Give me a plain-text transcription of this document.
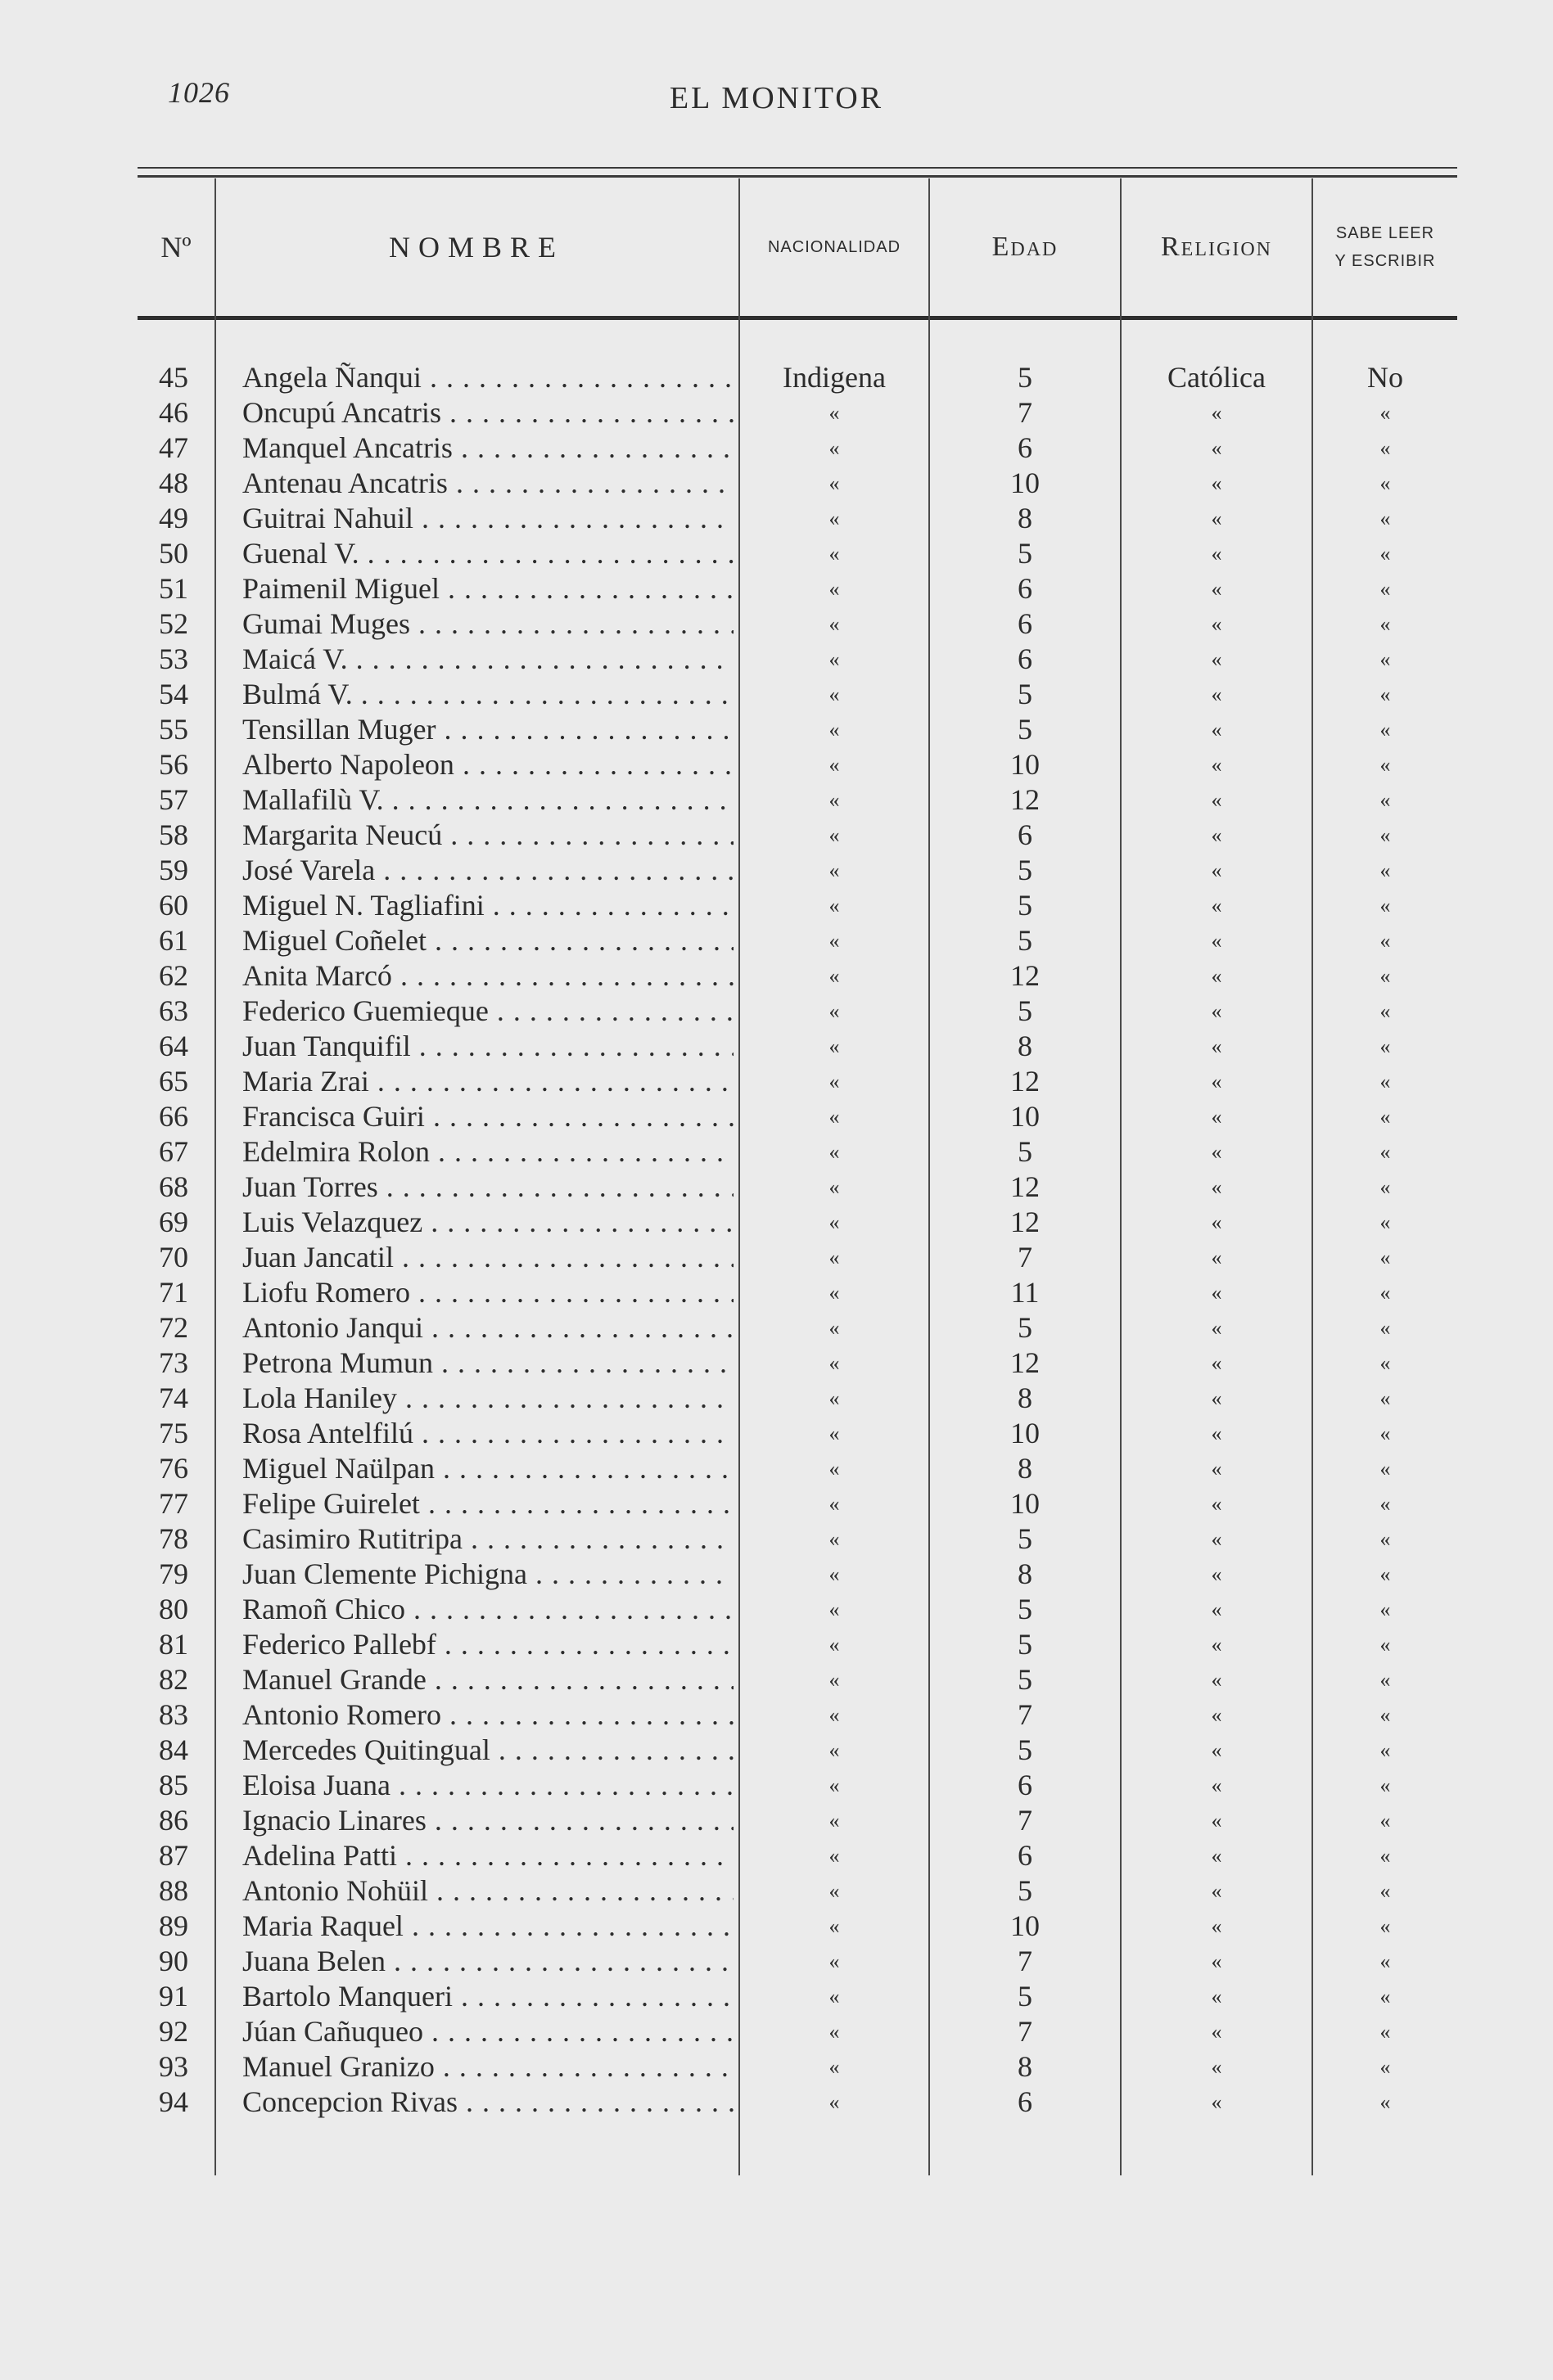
1026	EL MONITOR
Nº	NOMBRE	NACIONALIDAD	Edad	Religion	SABE LEER
Y ESCRIBIR
45 Angela Ñanqui . . .	Indigena	5	Católica	No
46 Oncupú Ancatris . . .	«	7	«	«
47 Manquel Ancatris . . .	«	6	«	«
48 Antenau Ancatris . . .	«	10	«	«
49 Guitrai Nahuil . . .	«	8	«	«
50 Guenal V. . . .	«	5	«	«
51 Paimenil Miguel . . .	«	6	«	«
52 Gumai Muges . . .	«	6	«	«
53 Maicá V. . . .	«	6	«	«
54 Bulmá V. . . .	«	5	«	«
55 Tensillan Muger . . .	«	5	«	«
56 Alberto Napoleon . . .	«	10	«	«
57 Mallafilù V. . . .	«	12	«	«
58 Margarita Neucú . . .	«	6	«	«
59 José Varela . . .	«	5	«	«
60 Miguel N. Tagliafini . . .	«	5	«	«
61 Miguel Coñelet . . .	«	5	«	«
62 Anita Marcó . . .	«	12	«	«
63 Federico Guemieque . . .	«	5	«	«
64 Juan Tanquifil . . .	«	8	«	«
65 Maria Zrai . . .	«	12	«	«
66 Francisca Guiri . . .	«	10	«	«
67 Edelmira Rolon . . .	«	5	«	«
68 Juan Torres . . .	«	12	«	«
69 Luis Velazquez . . .	«	12	«	«
70 Juan Jancatil . . .	«	7	«	«
71 Liofu Romero . . .	«	11	«	«
72 Antonio Janqui . . .	«	5	«	«
73 Petrona Mumun . . .	«	12	«	«
74 Lola Haniley . . .	«	8	«	«
75 Rosa Antelfilú . . .	«	10	«	«
76 Miguel Naülpan . . .	«	8	«	«
77 Felipe Guirelet . . .	«	10	«	«
78 Casimiro Rutitripa . . .	«	5	«	«
79 Juan Clemente Pichigna . . .	«	8	«	«
80 Ramoñ Chico . . .	«	5	«	«
81 Federico Pallebf . . .	«	5	«	«
82 Manuel Grande . . .	«	5	«	«
83 Antonio Romero . . .	«	7	«	«
84 Mercedes Quitingual . . .	«	5	«	«
85 Eloisa Juana . . .	«	6	«	«
86 Ignacio Linares . . .	«	7	«	«
87 Adelina Patti . . .	«	6	«	«
88 Antonio Nohüil . . .	«	5	«	«
89 Maria Raquel . . .	«	10	«	«
90 Juana Belen . . .	«	7	«	«
91 Bartolo Manqueri . . .	«	5	«	«
92 Júan Cañuqueo . . .	«	7	«	«
93 Manuel Granizo . . .	«	8	«	«
94 Concepcion Rivas . . .	«	6	«	«
